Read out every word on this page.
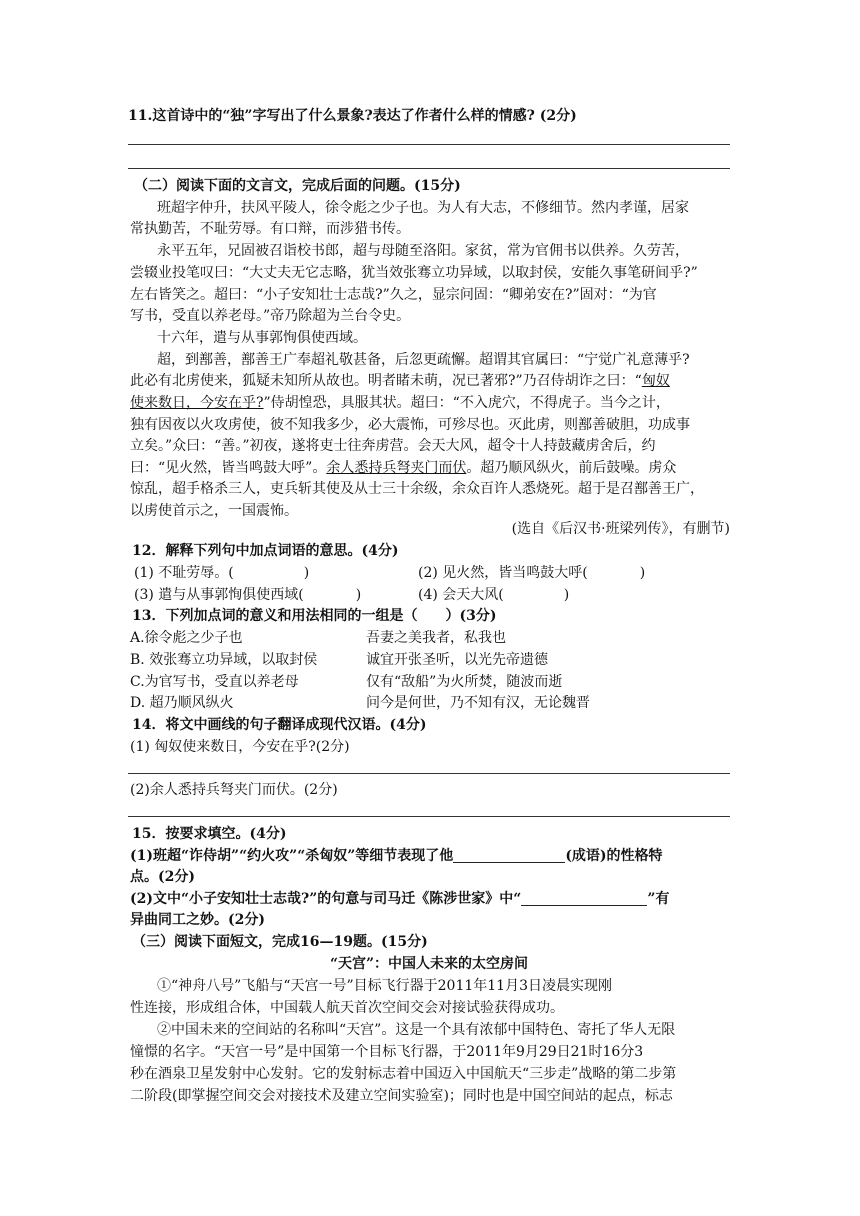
11.这首诗中的“独”字写出了什么景象?表达了作者什么样的情感? (2分)
（二）阅读下面的文言文，完成后面的问题。(15分)
班超字仲升，扶风平陵人，徐令彪之少子也。为人有大志，不修细节。然内孝谨，居家
常执勤苦，不耻劳辱。有口辩，而涉猎书传。
永平五年，兄固被召诣校书郎，超与母随至洛阳。家贫，常为官佣书以供养。久劳苦，
尝辍业投笔叹曰：“大丈夫无它志略，犹当效张骞立功异域，以取封侯，安能久事笔研间乎?”
左右皆笑之。超曰：“小子安知壮士志哉?”久之，显宗问固：“卿弟安在?”固对：“为官
写书，受直以养老母。”帝乃除超为兰台令史。
十六年，遣与从事郭恂俱使西域。
超，到鄯善，鄯善王广奉超礼敬甚备，后忽更疏懈。超谓其官属曰：“宁觉广礼意薄乎?
此必有北虏使来，狐疑未知所从故也。明者睹未萌，况已著邪?”乃召侍胡诈之曰：“匈奴
使来数日，今安在乎?”侍胡惶恐，具服其状。超曰：“不入虎穴，不得虎子。当今之计，
独有因夜以火攻虏使，彼不知我多少，必大震怖，可殄尽也。灭此虏，则鄯善破胆，功成事
立矣。”众曰：“善。”初夜，遂将吏士往奔虏营。会天大风，超令十人持鼓藏虏舍后，约
曰：“见火然，皆当鸣鼓大呼”。余人悉持兵弩夹门而伏。超乃顺风纵火，前后鼓噪。虏众
惊乱，超手格杀三人，吏兵斩其使及从士三十余级，余众百许人悉烧死。超于是召鄯善王广，
以虏使首示之，一国震怖。
(选自《后汉书·班梁列传》，有删节)
12．解释下列句中加点词语的意思。(4分)
(1) 不耻劳辱。(	)	(2) 见火然，皆当鸣鼓大呼(	)
(3) 遣与从事郭恂俱使西域(	)	(4) 会天大风(	)
13．下列加点词的意义和用法相同的一组是（　　）(3分)
A.徐令彪之少子也	吾妻之美我者，私我也
B. 效张骞立功异域，以取封侯	诚宜开张圣听，以光先帝遗德
C.为官写书，受直以养老母	仅有“敌船”为火所焚，随波而逝
D. 超乃顺风纵火	问今是何世，乃不知有汉，无论魏晋
14．将文中画线的句子翻译成现代汉语。(4分)
(1) 匈奴使来数日，今安在乎?(2分)
(2)余人悉持兵弩夹门而伏。(2分)
15．按要求填空。(4分)
(1)班超“诈侍胡”“约火攻”“杀匈奴”等细节表现了他	(成语)的性格特
点。(2分)
(2)文中“小子安知壮士志哉?”的句意与司马迁《陈涉世家》中“	”有
异曲同工之妙。(2分)
（三）阅读下面短文，完成16—19题。(15分)
“天宫”：中国人未来的太空房间
①“神舟八号”飞船与“天宫一号”目标飞行器于2011年11月3日凌晨实现刚
性连接，形成组合体，中国载人航天首次空间交会对接试验获得成功。
②中国未来的空间站的名称叫“天宫”。这是一个具有浓郁中国特色、寄托了华人无限
憧憬的名字。“天宫一号”是中国第一个目标飞行器，于2011年9月29日21时16分3
秒在酒泉卫星发射中心发射。它的发射标志着中国迈入中国航天“三步走”战略的第二步第
二阶段(即掌握空间交会对接技术及建立空间实验室)；同时也是中国空间站的起点，标志
